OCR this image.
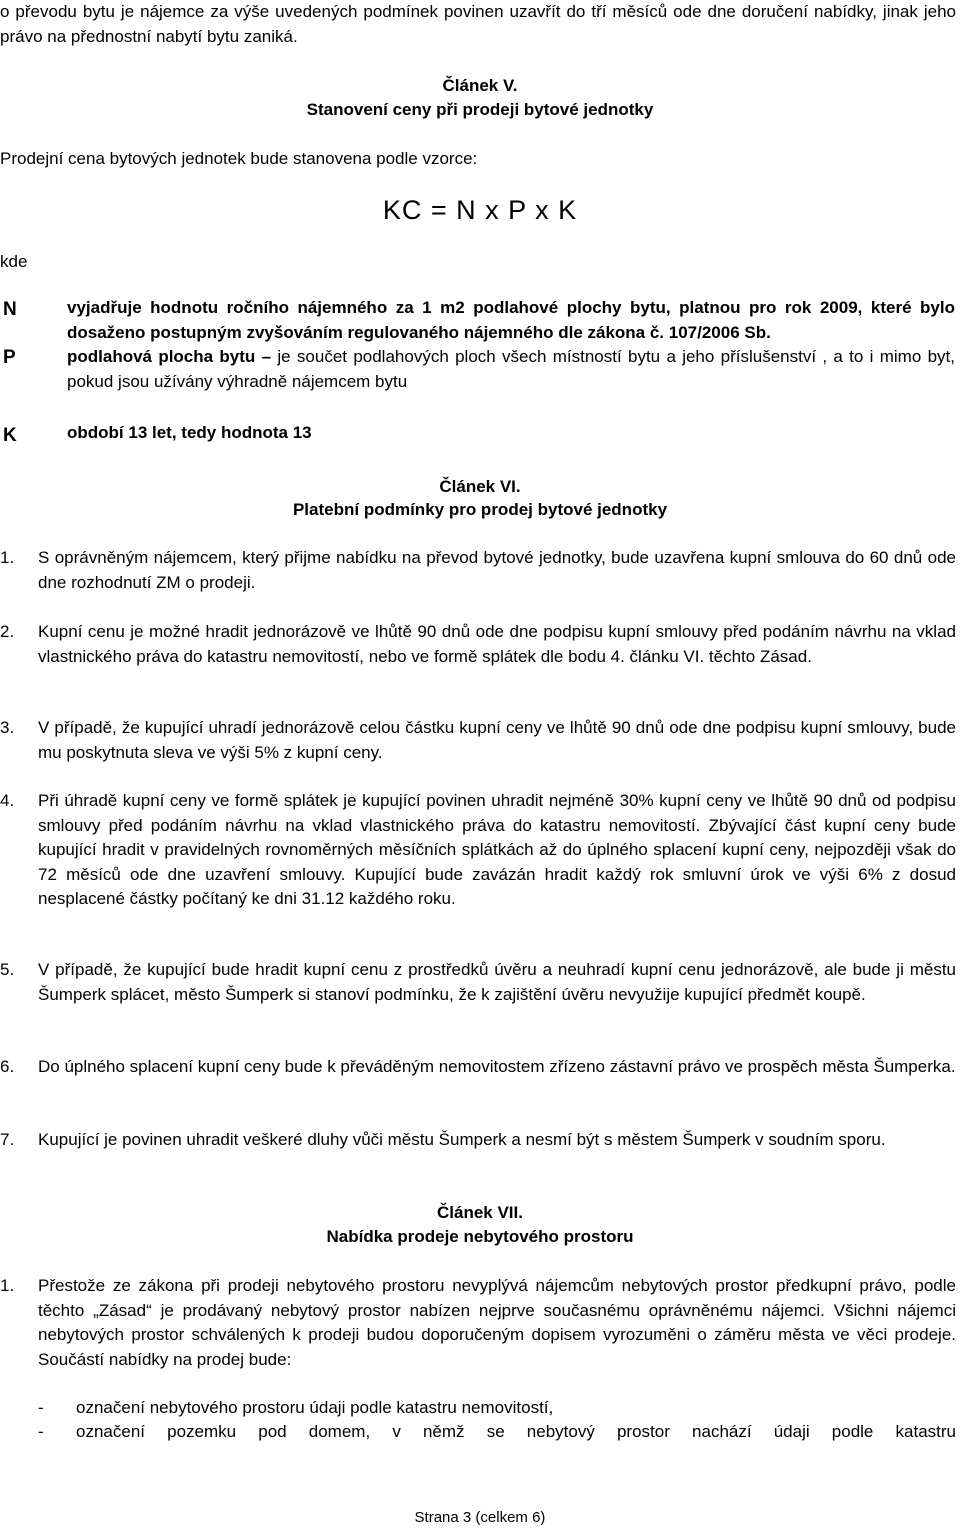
o převodu bytu je nájemce za výše uvedených podmínek povinen uzavřít do tří měsíců ode dne doručení nabídky, jinak jeho právo na přednostní nabytí bytu zaniká.
Článek V.
Stanovení ceny při prodeji bytové jednotky
Prodejní cena bytových jednotek bude stanovena podle vzorce:
KC = N x P x K
kde
N	vyjadřuje hodnotu ročního nájemného za 1 m2 podlahové plochy bytu, platnou pro rok 2009, které bylo dosaženo postupným zvyšováním regulovaného nájemného dle zákona č. 107/2006 Sb.
P	podlahová plocha bytu – je součet podlahových ploch všech místností bytu a jeho příslušenství , a to i mimo byt, pokud jsou užívány výhradně nájemcem bytu
K	období 13 let, tedy hodnota 13
Článek VI.
Platební podmínky pro prodej bytové jednotky
1. S oprávněným nájemcem, který přijme nabídku na převod bytové jednotky, bude uzavřena kupní smlouva do 60 dnů ode dne rozhodnutí ZM o prodeji.
2. Kupní cenu je možné hradit jednorázově ve lhůtě 90 dnů ode dne podpisu kupní smlouvy před podáním návrhu na vklad vlastnického práva do katastru nemovitostí, nebo ve formě splátek dle bodu 4. článku VI. těchto Zásad.
3. V případě, že kupující uhradí jednorázově celou částku kupní ceny ve lhůtě 90 dnů ode dne podpisu kupní smlouvy, bude mu poskytnuta sleva ve výši 5% z kupní ceny.
4. Při úhradě kupní ceny ve formě splátek je kupující povinen uhradit nejméně 30% kupní ceny ve lhůtě 90 dnů od podpisu smlouvy před podáním návrhu na vklad vlastnického práva do katastru nemovitostí. Zbývající část kupní ceny bude kupující hradit v pravidelných rovnoměrných měsíčních splátkách až do úplného splacení kupní ceny, nejpozději však do 72 měsíců ode dne uzavření smlouvy. Kupující bude zavázán hradit každý rok smluvní úrok ve výši 6% z dosud nesplacené částky počítaný ke dni 31.12 každého roku.
5. V případě, že kupující bude hradit kupní cenu z prostředků úvěru a neuhradí kupní cenu jednorázově, ale bude ji městu Šumperk splácet, město Šumperk si stanoví podmínku, že k zajištění úvěru nevyužije kupující předmět koupě.
6. Do úplného splacení kupní ceny bude k převáděným nemovitostem zřízeno zástavní právo ve prospěch města Šumperka.
7. Kupující je povinen uhradit veškeré dluhy vůči městu Šumperk a nesmí být s městem Šumperk v soudním sporu.
Článek VII.
Nabídka prodeje nebytového prostoru
1. Přestože ze zákona při prodeji nebytového prostoru nevyplývá nájemcům nebytových prostor předkupní právo, podle těchto „Zásad“ je prodávaný nebytový prostor nabízen nejprve současnému oprávněnému nájemci. Všichni nájemci nebytových prostor schválených k prodeji budou doporučeným dopisem vyrozuměni o záměru města ve věci prodeje. Součástí nabídky na prodej bude:
- označení nebytového prostoru údaji podle katastru nemovitostí,
- označení pozemku pod domem, v němž se nebytový prostor nachází údaji podle katastru
Strana 3 (celkem 6)
